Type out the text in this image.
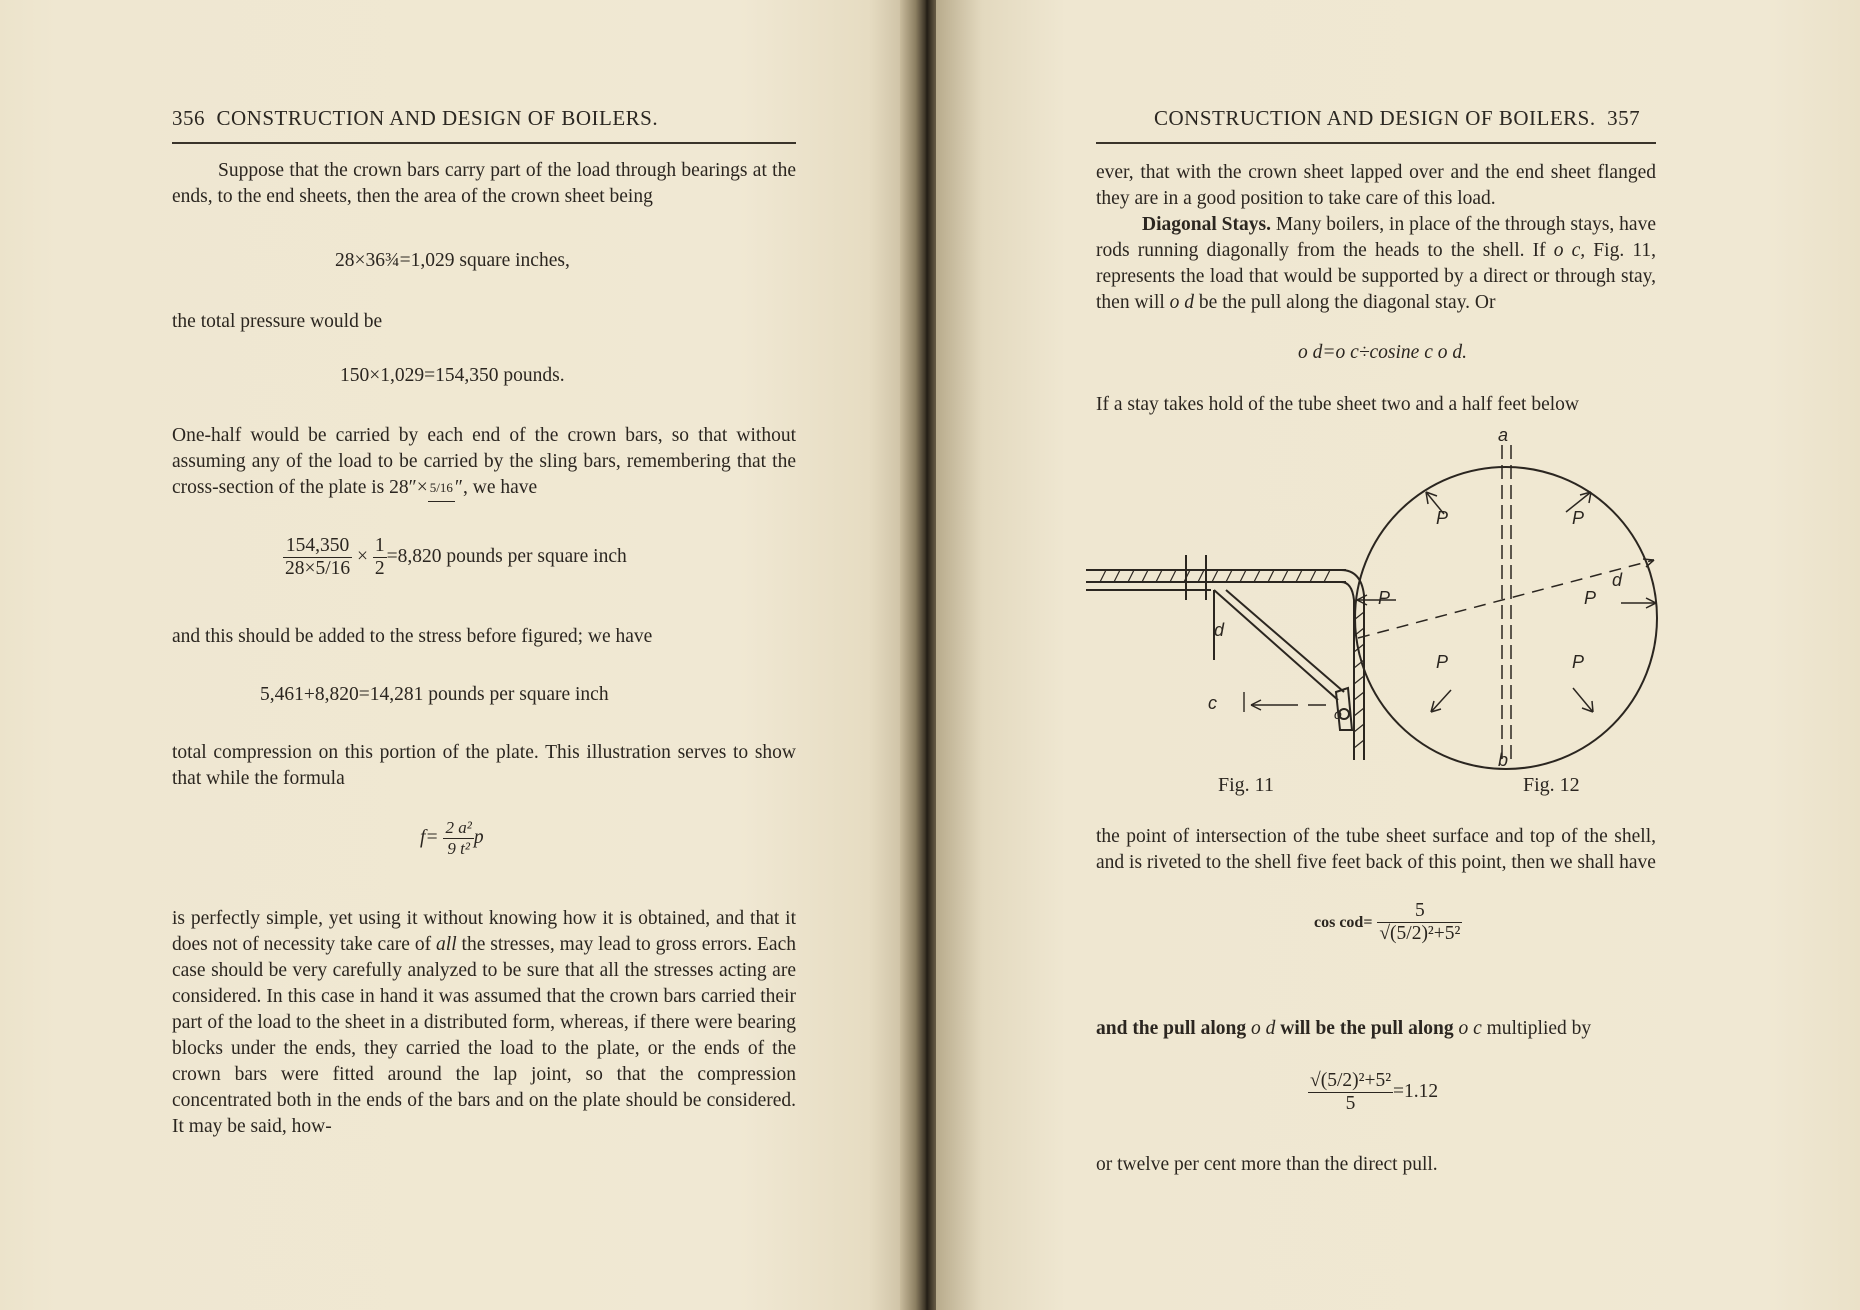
356 CONSTRUCTION AND DESIGN OF BOILERS.
Suppose that the crown bars carry part of the load through bearings at the ends, to the end sheets, then the area of the crown sheet being
28×36¾=1,029 square inches,
the total pressure would be
150×1,029=154,350 pounds.
One-half would be carried by each end of the crown bars, so that without assuming any of the load to be carried by the sling bars, remembering that the cross-section of the plate is 28″× 5/16 ″, we have
$\frac{154,350}{28\times 5/16} \times \frac{1}{2} =8,820$ pounds per square inch
and this should be added to the stress before figured; we have
5,461+8,820=14,281 pounds per square inch
total compression on this portion of the plate. This illustration serves to show that while the formula
$f= \frac{\text{2 a²}}{\text{9 t²}}$ p
is perfectly simple, yet using it without knowing how it is obtained, and that it does not of necessity take care of all the stresses, may lead to gross errors. Each case should be very carefully analyzed to be sure that all the stresses acting are considered. In this case in hand it was assumed that the crown bars carried their part of the load to the sheet in a distributed form, whereas, if there were bearing blocks under the ends, they carried the load to the plate, or the ends of the crown bars were fitted around the lap joint, so that the compression concentrated both in the ends of the bars and on the plate should be considered. It may be said, how-
CONSTRUCTION AND DESIGN OF BOILERS. 357
ever, that with the crown sheet lapped over and the end sheet flanged they are in a good position to take care of this load.
Diagonal Stays. Many boilers, in place of the through stays, have rods running diagonally from the heads to the shell. If o c, Fig. 11, represents the load that would be supported by a direct or through stay, then will o d be the pull along the diagonal stay. Or
o d=o c÷cosine c o d.
If a stay takes hold of the tube sheet two and a half feet below
d
c
o
a
b
d
P
P
P
P
P
P
Fig. 11	Fig. 12
the point of intersection of the tube sheet surface and top of the shell, and is riveted to the shell five feet back of this point, then we shall have
$\cos cod= \frac{5}{\text{√(5/2)²+5²}}$
and the pull along o d will be the pull along o c multiplied by
$\frac{\text{√(5/2)²+5²}}{5} =1.12$
or twelve per cent more than the direct pull.
